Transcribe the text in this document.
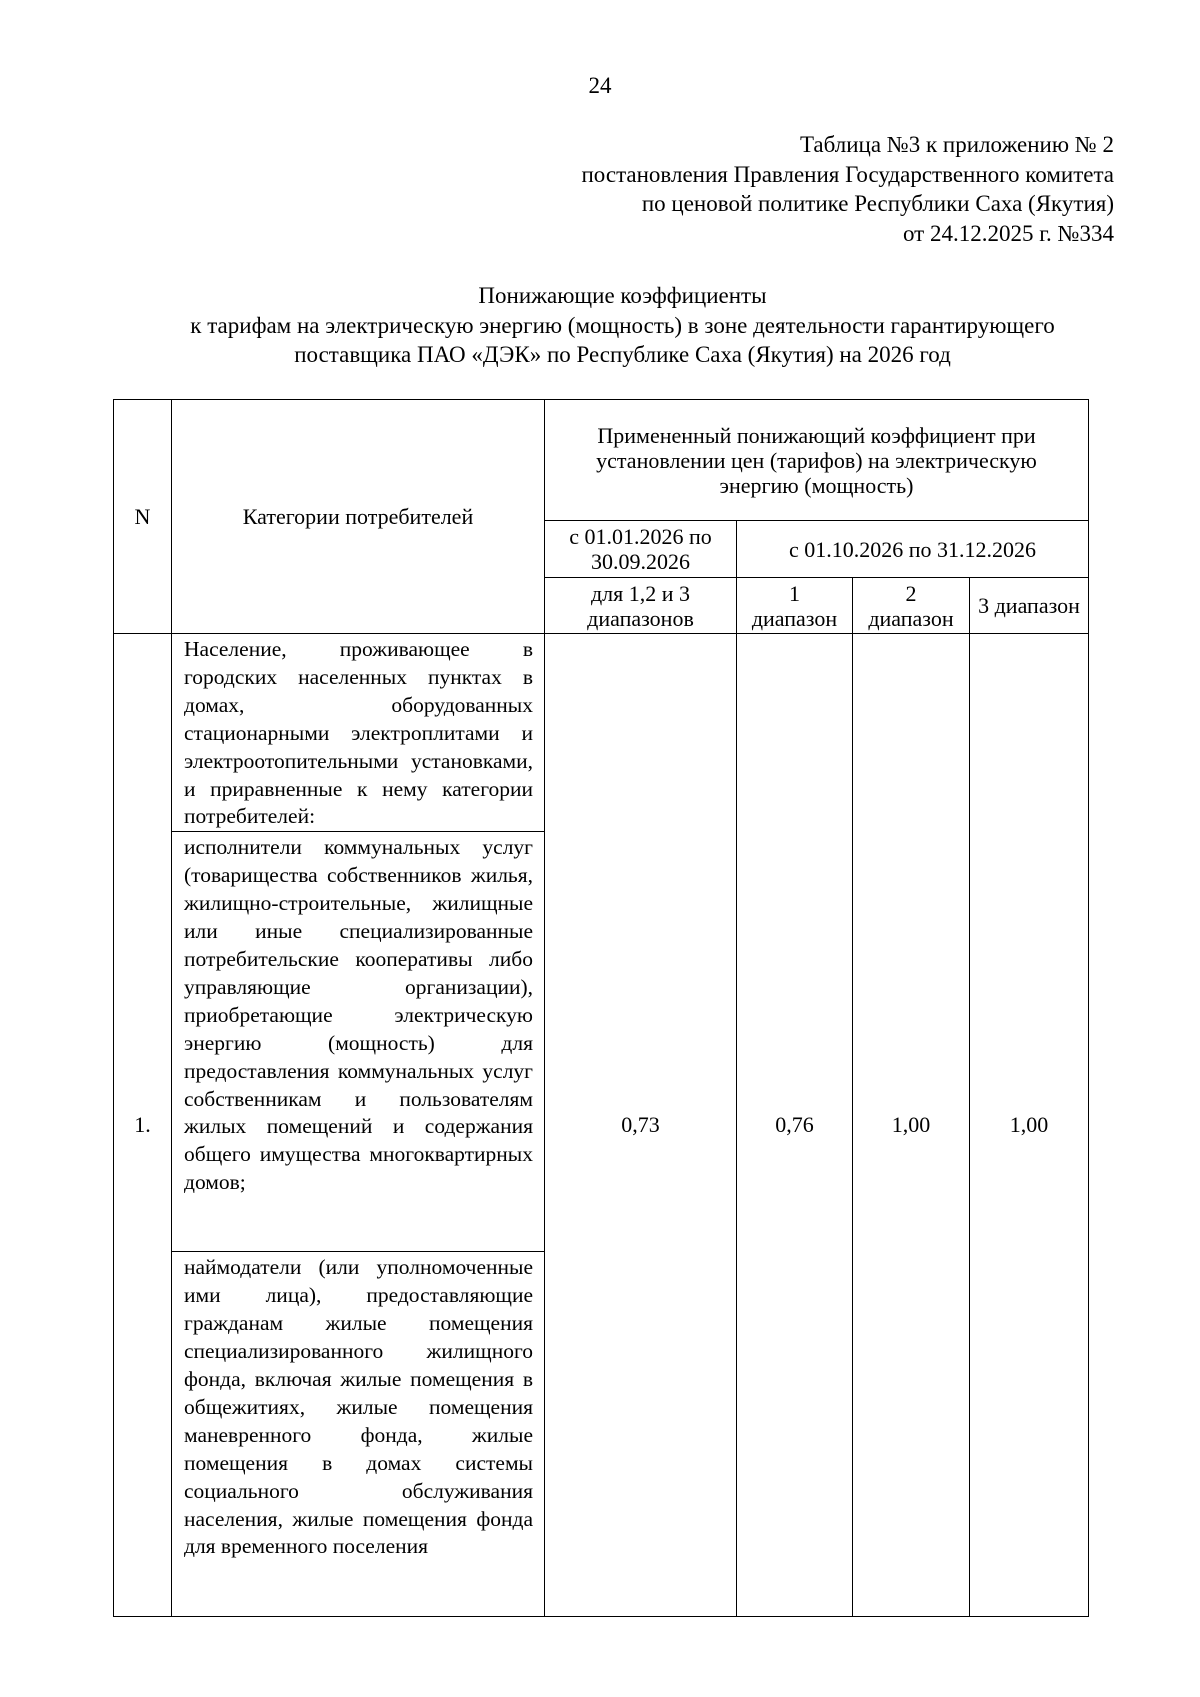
24
Таблица №3 к приложению № 2
постановления Правления Государственного комитета
по ценовой политике Республики Саха (Якутия)
от 24.12.2025 г. №334
Понижающие коэффициенты
к тарифам на электрическую энергию (мощность) в зоне деятельности гарантирующего
поставщика ПАО «ДЭК» по Республике Саха (Якутия) на 2026 год
N	Категории потребителей	Примененный понижающий коэффициент при установлении цен (тарифов) на электрическую энергию (мощность)			
		с 01.01.2026 по 30.09.2026	с 01.10.2026 по 31.12.2026		
		для 1,2 и 3 диапазонов	1 диапазон	2 диапазон	3 диапазон
1.	Население, проживающее в городских населенных пунктах в домах, оборудованных стационарными электроплитами и электроотопительными установками, и приравненные к нему категории потребителей:	0,73	0,76	1,00	1,00
	исполнители коммунальных услуг (товарищества собственников жилья, жилищно-строительные, жилищные или иные специализированные потребительские кооперативы либо управляющие организации), приобретающие электрическую энергию (мощность) для предоставления коммунальных услуг собственникам и пользователям жилых помещений и содержания общего имущества многоквартирных домов;				
	наймодатели (или уполномоченные ими лица), предоставляющие гражданам жилые помещения специализированного жилищного фонда, включая жилые помещения в общежитиях, жилые помещения маневренного фонда, жилые помещения в домах системы социального обслуживания населения, жилые помещения фонда для временного поселения				
